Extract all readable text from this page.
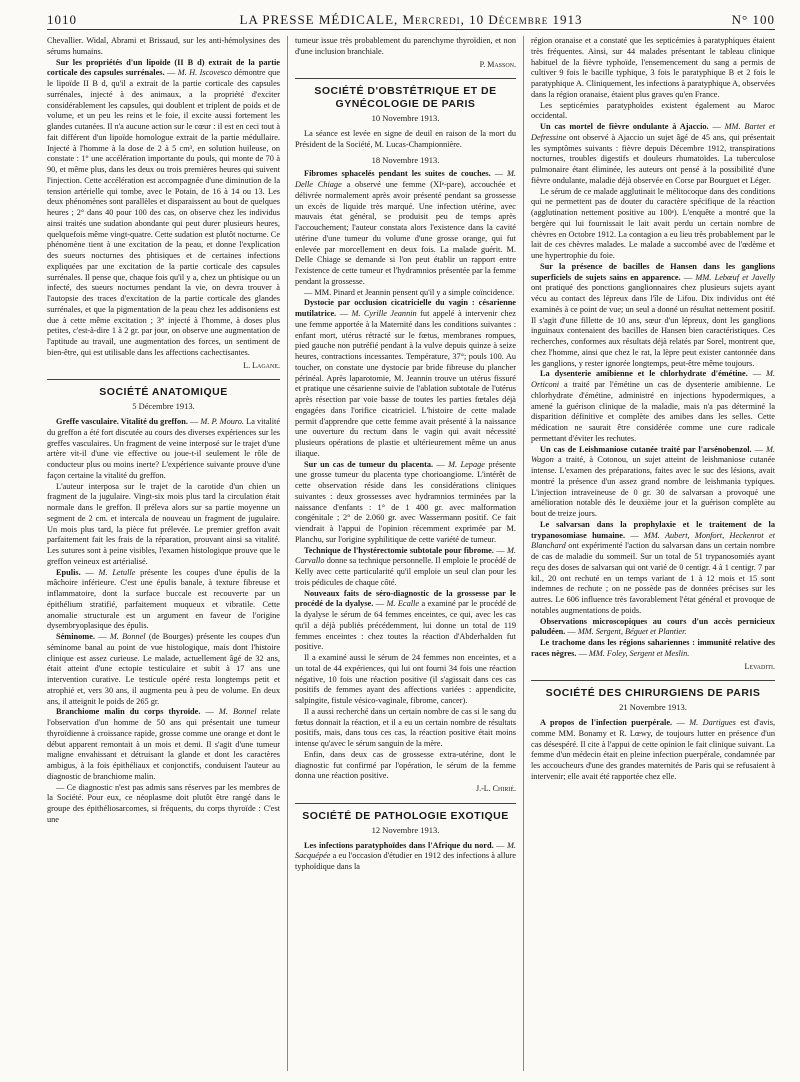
1010	LA PRESSE MÉDICALE, Mercredi, 10 Décembre 1913	N° 100

Chevallier. Widal, Abrami et Brissaud, sur les anti-hémolysines des sérums humains.

Sur les propriétés d'un lipoïde (II B d) extrait de la partie corticale des capsules surrénales. — M. H. Iscovesco démontre que le lipoïde II B d, qu'il a extrait de la partie corticale des capsules surrénales, injecté à des animaux, a la propriété d'exciter considérablement les capsules, qui doublent et triplent de poids et de volume, et un peu les reins et le foie, il excite aussi fortement les glandes cutanées. Il n'a aucune action sur le cœur : il est en ceci tout à fait différent d'un lipoïde homologue extrait de la partie médullaire. Injecté à l'homme à la dose de 2 à 5 cm³, en solution huileuse, on constate : 1° une accélération importante du pouls, qui monte de 70 à 90, et même plus, dans les deux ou trois premières heures qui suivent l'injection. Cette accélération est accompagnée d'une diminution de la tension artérielle qui tombe, avec le Potain, de 16 à 14 ou 13. Les deux phénomènes sont parallèles et disparaissent au bout de quelques heures ; 2° dans 40 pour 100 des cas, on observe chez les individus ainsi traités une sudation abondante qui peut durer plusieurs heures, quelquefois même vingt-quatre. Cette sudation est plutôt nocturne. Ce phénomène tient à une excitation de la peau, et donne l'explication des sueurs nocturnes des phtisiques et de certaines infections expliquées par une excitation de la partie corticale des capsules surrénales. Il pense que, chaque fois qu'il y a, chez un phtisique ou un infecté, des sueurs nocturnes pendant la vie, on devra trouver à l'autopsie des traces d'excitation de la partie corticale des glandes surrénales, et que la pigmentation de la peau chez les addisoniens est due à cette même excitation ; 3° injecté à l'homme, à doses plus petites, c'est-à-dire 1 à 2 gr. par jour, on observe une augmentation de l'aptitude au travail, une augmentation des forces, un sentiment de bien-être, qui est utilisable dans les affections cachectisantes.

L. Lagane.
SOCIÉTÉ ANATOMIQUE
5 Décembre 1913.

Greffe vasculaire. Vitalité du greffon. — M. P. Mouro. La vitalité du greffon a été fort discutée au cours des diverses expériences sur les greffes vasculaires. Un fragment de veine interposé sur le trajet d'une artère vit-il d'une vie effective ou joue-t-il seulement le rôle de conducteur plus ou moins inerte? L'expérience suivante prouve d'une façon certaine la vitalité du greffon.

L'auteur interposa sur le trajet de la carotide d'un chien un fragment de la jugulaire. Vingt-six mois plus tard la circulation était normale dans le greffon. Il préleva alors sur sa partie moyenne un segment de 2 cm. et intercala de nouveau un fragment de jugulaire. Un mois plus tard, la pièce fut prélevée. Le premier greffon avait parfaitement fait les frais de la réparation, prouvant ainsi sa vitalité. Les sutures sont à peine visibles, l'examen histologique prouve que le greffon veineux est artérialisé.

Epulis. — M. Letulle présente les coupes d'une épulis de la mâchoire inférieure. C'est une épulis banale, à texture fibreuse et inflammatoire, dont la surface buccale est recouverte par un épithélium stratifié, parfaitement muqueux et vibratile. Cette anomalie structurale est un argument en faveur de l'origine dysembryoplasique des épulis.

Séminome. — M. Bonnel (de Bourges) présente les coupes d'un séminome banal au point de vue histologique, mais dont l'histoire clinique est assez curieuse. Le malade, actuellement âgé de 32 ans, était atteint d'une ectopie testiculaire et subit à 17 ans une intervention curative. Le testicule opéré resta longtemps petit et atrophié et, vers 30 ans, il augmenta peu à peu de volume. En deux ans, il atteignit le poids de 265 gr.

Branchiome malin du corps thyroïde. — M. Bonnel relate l'observation d'un homme de 50 ans qui présentait une tumeur thyroïdienne à croissance rapide, grosse comme une orange et dont le début apparent remontait à un mois et demi. Il s'agit d'une tumeur maligne envahissant et détruisant la glande et dont les caractères ambigus, à la fois épithéliaux et conjonctifs, conduisent l'auteur au diagnostic de branchiome malin.

— Ce diagnostic n'est pas admis sans réserves par les membres de la Société. Pour eux, ce néoplasme doit plutôt être rangé dans le groupe des épithéliosarcomes, si fréquents, du corps thyroïde : C'est une

tumeur issue très probablement du parenchyme thyroïdien, et non d'une inclusion branchiale.

P. Masson.
SOCIÉTÉ D'OBSTÉTRIQUE ET DE GYNÉCOLOGIE DE PARIS
10 Novembre 1913.

La séance est levée en signe de deuil en raison de la mort du Président de la Société, M. Lucas-Championnière.

18 Novembre 1913.

Fibromes sphacelés pendant les suites de couches. — M. Delle Chiage a observé une femme (XIᵉ-pare), accouchée et délivrée normalement après avoir présenté pendant sa grossesse un excès de liquide très marqué. Une infection utérine, avec mauvais état général, se produisit peu de temps après l'accouchement; l'auteur constata alors l'existence dans la cavité utérine d'une tumeur du volume d'une grosse orange, qui fut enlevée par morcellement en deux fois. La malade guérit. M. Delle Chiage se demande si l'on peut établir un rapport entre l'existence de cette tumeur et l'hydramnios présentée par la femme pendant la grossesse.

— MM. Pinard et Jeannin pensent qu'il y a simple coïncidence.

Dystocie par occlusion cicatricielle du vagin : césarienne mutilatrice. — M. Cyrille Jeannin fut appelé à intervenir chez une femme apportée à la Maternité dans les conditions suivantes : enfant mort, utérus rétracté sur le fœtus, membranes rompues, pied gauche non putréfié pendant à la vulve depuis quinze à seize heures, contractions incessantes. Température, 37°; pouls 100. Au toucher, on constate une dystocie par bride fibreuse du plancher périnéal. Après laparotomie, M. Jeannin trouve un utérus fissuré et pratique une césarienne suivie de l'ablation subtotale de l'utérus après résection par voie basse de toutes les parties fœtales déjà engagées dans l'orifice cicatriciel. L'histoire de cette malade permit d'apprendre que cette femme avait présenté à la naissance une ouverture du rectum dans le vagin qui avait nécessité plusieurs opérations de plastie et ultérieurement même un anus iliaque.

Sur un cas de tumeur du placenta. — M. Lepage présente une grosse tumeur du placenta type chorioangiome. L'intérêt de cette observation réside dans les considérations cliniques suivantes : deux grossesses avec hydramnios terminées par la naissance d'enfants : 1° de 1 400 gr. avec malformation congénitale ; 2° de 2.060 gr. avec Wassermann positif. Ce fait viendrait à l'appui de l'opinion récemment exprimée par M. Planchu, sur l'origine syphilitique de cette variété de tumeur.

Technique de l'hystérectomie subtotale pour fibrome. — M. Carvallo donne sa technique personnelle. Il emploie le procédé de Kelly avec cette particularité qu'il emploie un seul clan pour les trois pédicules de chaque côté.

Nouveaux faits de séro-diagnostic de la grossesse par le procédé de la dyalyse. — M. Ecalle a examiné par le procédé de la dyalyse le sérum de 64 femmes enceintes, ce qui, avec les cas qu'il a déjà publiés précédemment, lui donne un total de 119 femmes enceintes : chez toutes la réaction d'Abderhalden fut positive.

Il a examiné aussi le sérum de 24 femmes non enceintes, et a un total de 44 expériences, qui lui ont fourni 34 fois une réaction négative, 10 fois une réaction positive (il s'agissait dans ces cas positifs de femmes ayant des affections variées : appendicite, salpingite, fistule vésico-vaginale, fibrome, cancer).

Il a aussi recherché dans un certain nombre de cas si le sang du fœtus donnait la réaction, et il a eu un certain nombre de résultats positifs, mais, dans tous ces cas, la réaction positive était moins intense qu'avec le sérum sanguin de la mère.

Enfin, dans deux cas de grossesse extra-utérine, dont le diagnostic fut confirmé par l'opération, le sérum de la femme donna une réaction positive.

J.-L. Chirié.
SOCIÉTÉ DE PATHOLOGIE EXOTIQUE
12 Novembre 1913.

Les infections paratyphoïdes dans l'Afrique du nord. — M. Sacquépée a eu l'occasion d'étudier en 1912 des infections à allure typhoïdique dans la

région oranaise et a constaté que les septicémies à paratyphiques étaient très fréquentes. Ainsi, sur 44 malades présentant le tableau clinique habituel de la fièvre typhoïde, l'ensemencement du sang a permis de cultiver 9 fois le bacille typhique, 3 fois le paratyphique B et 2 fois le paratyphique A. Cliniquement, les infections à paratyphique A, observées dans la région oranaise, étaient plus graves qu'en France.

Les septicémies paratyphoïdes existent également au Maroc occidental.

Un cas mortel de fièvre ondulante à Ajaccio. — MM. Bartet et Defressine ont observé à Ajaccio un sujet âgé de 45 ans, qui présentait les symptômes suivants : fièvre depuis Décembre 1912, transpirations nocturnes, troubles digestifs et douleurs rhumatoïdes. La tuberculose pulmonaire étant éliminée, les auteurs ont pensé à la possibilité d'une fièvre ondulante, maladie déjà observée en Corse par Bourguet et Léger.

Le sérum de ce malade agglutinait le mélitocoque dans des conditions qui ne permettent pas de douter du caractère spécifique de la réaction (agglutination nettement positive au 100ᵉ). L'enquête a montré que la bergère qui lui fournissait le lait avait perdu un certain nombre de chèvres en Octobre 1912. La contagion a eu lieu très probablement par le lait de ces chèvres malades. Le malade a succombé avec de l'œdème et une hypertrophie du foie.

Sur la présence de bacilles de Hansen dans les ganglions superficiels de sujets sains en apparence. — MM. Lebœuf et Javelly ont pratiqué des ponctions ganglionnaires chez plusieurs sujets ayant vécu au contact des lépreux dans l'île de Lifou. Dix individus ont été examinés à ce point de vue; un seul a donné un résultat nettement positif. Il s'agit d'une fillette de 10 ans, sœur d'un lépreux, dont les ganglions inguinaux contenaient des bacilles de Hansen bien caractéristiques. Ces recherches, conformes aux résultats déjà relatés par Sorel, montrent que, chez l'homme, ainsi que chez le rat, la lèpre peut exister cantonnée dans les ganglions, y rester ignorée longtemps, peut-être même toujours.

La dysenterie amibienne et le chlorhydrate d'émétine. — M. Orticoni a traité par l'émétine un cas de dysenterie amibienne. Le chlorhydrate d'émétine, administré en injections hypodermiques, a amené la guérison clinique de la maladie, mais n'a pas déterminé la disparition définitive et complète des amibes dans les selles. Cette médication ne saurait être considérée comme une cure radicale permettant d'éviter les rechutes.

Un cas de Leishmaniose cutanée traité par l'arsénobenzol. — M. Wagon a traité, à Cotonou, un sujet atteint de leishmaniose cutanée intense. L'examen des préparations, faites avec le suc des lésions, avait montré la présence d'un assez grand nombre de leishmania typiques. L'injection intraveineuse de 0 gr. 30 de salvarsan a provoqué une amélioration notable dès le deuxième jour et la guérison complète au bout de treize jours.

Le salvarsan dans la prophylaxie et le traitement de la trypanosomiase humaine. — MM. Aubert, Monfort, Heckenrot et Blanchard ont expérimenté l'action du salvarsan dans un certain nombre de cas de maladie du sommeil. Sur un total de 51 trypanosomiés ayant reçu des doses de salvarsan qui ont varié de 0 centigr. 4 à 1 centigr. 7 par kil., 20 ont rechuté en un temps variant de 1 à 12 mois et 15 sont indemnes de rechute ; on ne possède pas de données précises sur les autres. Le 606 influence très favorablement l'état général et provoque de notables augmentations de poids.

Observations microscopiques au cours d'un accès pernicieux paludéen. — MM. Sergent, Béguet et Plantier.

Le trachome dans les régions sahariennes : immunité relative des races nègres. — MM. Foley, Sergent et Meslin.

Levaditi.
SOCIÉTÉ DES CHIRURGIENS DE PARIS
21 Novembre 1913.

A propos de l'infection puerpérale. — M. Dartigues est d'avis, comme MM. Bonamy et R. Lœwy, de toujours lutter en présence d'un cas désespéré. Il cite à l'appui de cette opinion le fait clinique suivant. La femme d'un médecin était en pleine infection puerpérale, condamnée par les accoucheurs d'une des grandes maternités de Paris qui se refusaient à intervenir; elle avait été rapportée chez elle.
